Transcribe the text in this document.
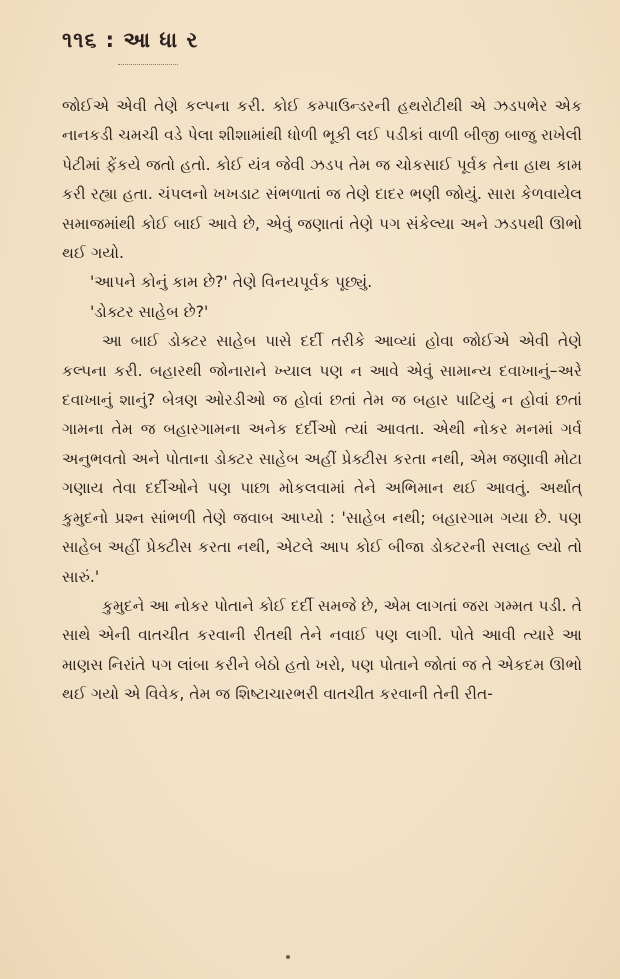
૧૧૬ : આ ધા ર

જોઈએ એવી તેણે કલ્પના કરી. કોઈ કમ્પાઉન્ડરની હથરોટીથી એ ઝડપભેર એક નાનકડી ચમચી વડે પેલા શીશામાંથી ધોળી ભૂકી લઈ પડીકાં વાળી બીજી બાજુ રાખેલી પેટીમાં ફેંકયે જતો હતો. કોઈ યંત્ર જેવી ઝડપ તેમ જ ચોકસાઈ પૂર્વક તેના હાથ કામ કરી રહ્યા હતા. ચંપલનો ખખડાટ સંભળાતાં જ તેણે દાદર ભણી જોયું. સારા કેળવાયેલ સમાજમાંથી કોઈ બાઈ આવે છે, એવું જણાતાં તેણે પગ સંકેલ્યા અને ઝડપથી ઊભો થઈ ગયો.

'આપને કોનું કામ છે?' તેણે વિનયપૂર્વક પૂછ્યું.

'ડોક્ટર સાહેબ છે?'

આ બાઈ ડોક્ટર સાહેબ પાસે દર્દી તરીકે આવ્યાં હોવા જોઈએ એવી તેણે કલ્પના કરી. બહારથી જોનારાને ખ્યાલ પણ ન આવે એવું સામાન્ય દવાખાનું–અરે દવાખાનું શાનું? બેત્રણ ઓરડીઓ જ હોવાં છતાં તેમ જ બહાર પાટિયું ન હોવાં છતાં ગામના તેમ જ બહારગામના અનેક દર્દીઓ ત્યાં આવતા. એથી નોકર મનમાં ગર્વ અનુભવતો અને પોતાના ડોક્ટર સાહેબ અહીં પ્રેક્ટીસ કરતા નથી, એમ જણાવી મોટા ગણાય તેવા દર્દીઓને પણ પાછા મોકલવામાં તેને અભિમાન થઈ આવતું. અર્થાત્ કુમુદનો પ્રશ્ન સાંભળી તેણે જવાબ આપ્યો : 'સાહેબ નથી; બહારગામ ગયા છે. પણ સાહેબ અહીં પ્રેક્ટીસ કરતા નથી, એટલે આપ કોઈ બીજા ડોક્ટરની સલાહ લ્યો તો સારું.'

કુમુદને આ નોકર પોતાને કોઈ દર્દી સમજે છે, એમ લાગતાં જરા ગમ્મત પડી. તે સાથે એની વાતચીત કરવાની રીતથી તેને નવાઈ પણ લાગી. પોતે આવી ત્યારે આ માણસ નિરાંતે પગ લાંબા કરીને બેઠો હતો ખરો, પણ પોતાને જોતાં જ તે એકદમ ઊભો થઈ ગયો એ વિવેક, તેમ જ શિષ્ટાચારભરી વાતચીત કરવાની તેની રીત-
